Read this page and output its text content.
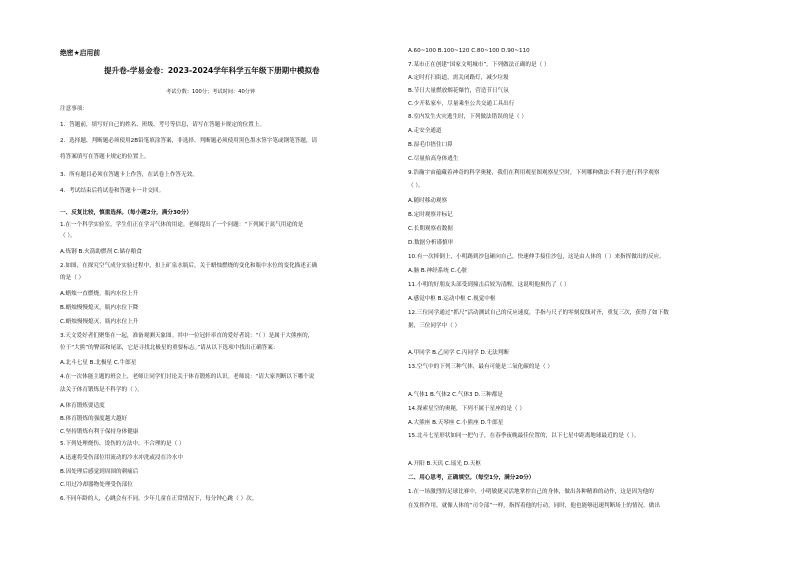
绝密★启用前
提升卷-学易金卷：2023-2024学年科学五年级下册期中模拟卷
考试分数：100分；考试时间：40分钟
注意事项：
1．答题前，填写好自己的姓名、班级、考号等信息，请写在答题卡规定的位置上。
2．选择题、判断题必须使用2B铅笔填涂答案，非选择、判断题必须使用黑色墨水签字笔或钢笔答题，请
将答案填写在答题卡规定的位置上。
3．所有题目必须在答题卡上作答，在试卷上作答无效。
4．考试结束后将试卷和答题卡一并交回。
一、反复比较，慎重选择。（每小题2分，满分30分）
1.在一个科学实验室，学生们正在学习气体的用途。老师提出了一个问题：“下列属于氮气用途的是
（ ）。
A.炼钢 B.火箭助燃剂 C.储存粮食
2.如图，在探究空气成分实验过程中，扣上矿泉水瓶后，关于蜡烛燃烧的变化和瓶中水位的变化描述正确
的是（ ）
A.蜡烛一直燃烧，瓶内水位上升
B.蜡烛慢慢熄灭，瓶内水位下降
C.蜡烛慢慢熄灭，瓶内水位上升
3.天文爱好者们聚集在一起，准备观测天象图。其中一位冠轩率直的爱好者说：“（ ）是属于大熊座的，
位于“大熊”的臀部和尾部，它是寻找北极星的重要标志。”请从以下选项中找出正确答案：
A.北斗七星 B.北极星 C.牛郎星
4.在一次体能主题的班会上，老师让同学们讨论关于体育锻炼的认识。老师说：“请大家判断以下哪个说
法关于体育锻炼是不科学的（ ）。
A.体育锻炼要适度
B.体育锻炼的强度越大越好
C.坚持锻炼有利于保持身体健康
5.下列处理烧伤、烫伤的方法中，不合理的是（ ）
A.迅速将受伤部位用流动的冷水冲洗或浸在冷水中
B.因处理后感觉到周围的刺痛后
C.用过冷却器物处理受伤部位
6.不同年龄的人，心跳会有不同。少年儿童在正常情况下，每分钟心跳（ ）次。
A.60~100 B.100~120 C.80~100 D.90~110
7.某市正在创建“国家文明城市”。下列做法正确的是（ ）
A.定时打扫街道，需关闭路灯，减少垃圾
B.节日大量燃放烟花爆竹，营造节日气氛
C.少开私家车，尽量乘坐公共交通工具出行
8.室内发生火灾逃生时，下列做法错误的是（ ）
A.走安全通道
B.湿毛巾捂住口鼻
C.尽量抬高身体逃生
9.浩瀚宇宙蕴藏着神奇的科学奥秘，我们在利用观星图观察星空时，下列哪种做法不利于进行科学观察
（ ）。
A.随时移动观察
B.定时观察并标记
C.长期观察看数据
D.数据分析谨慎审
10.有一次摔倒上，小明踢到沙包砸向自己，快速伸手接住沙包，这是由人体的（ ）来指挥做出的反应。
A.脑 B.神经系统 C.心脏
11.小明的好朋友头部受到撞击后较为清醒，这说明他损伤了（ ）
A.感觉中枢 B.运动中枢 C.视觉中枢
12.三位同学通过“抓尺”活动测试自己的反应速度，手指与尺子的零刻度线对齐，重复三次，获得了如下数
据，三位同学中（ ）
A.甲同学 B.乙同学 C.丙同学 D.无法判断
13.空气中的下列三种气体，最有可能是二氧化碳的是（ ）
A.气体1 B.气体2 C.气体3 D.三种都是
14.探索星空的奥秘，下列不属于星座的是（ ）
A.大熊座 B.天琴座 C.小熊座 D.牛郎星
15.北斗七星形状如同一把勺子，在春季夜晚最佳位置的，以下七星中距离地球最近的是（ ）。
A.开阳 B.天玑 C.瑶光 D.天枢
二、用心思考，正确填空。（每空1分，满分20分）
1.在一场激烈的足球比赛中，小明敏捷灵活地掌控自己的身体，做出各种精准的动作，这是因为他的
在发挥作用，就像人体的“司令部”一样，指挥着他的行动。同时，他也能够迅速判断场上的情况，做出
